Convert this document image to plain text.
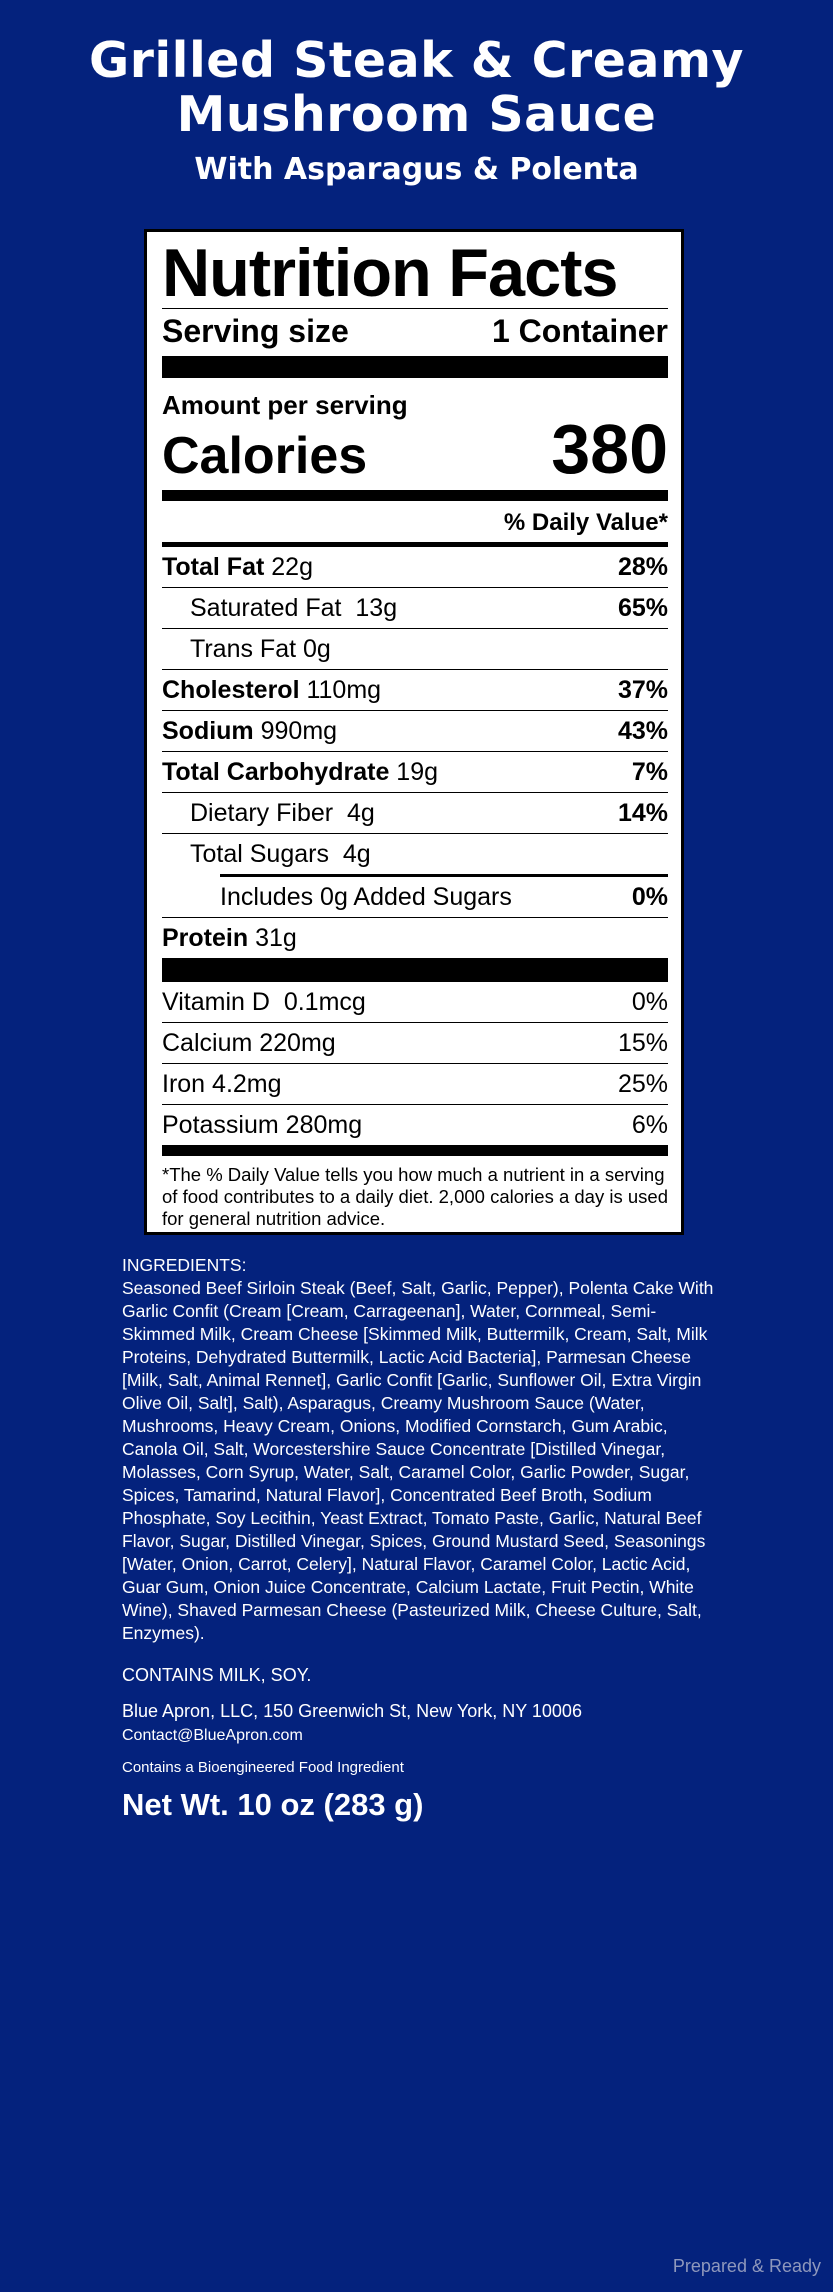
Grilled Steak & Creamy
Mushroom Sauce
With Asparagus & Polenta
Nutrition Facts
Serving size	1 Container
Amount per serving
Calories	380
% Daily Value*
Total Fat 22g	28%
Saturated Fat 13g	65%
Trans Fat 0g
Cholesterol 110mg	37%
Sodium 990mg	43%
Total Carbohydrate 19g	7%
Dietary Fiber 4g	14%
Total Sugars 4g
Includes 0g Added Sugars	0%
Protein 31g
Vitamin D 0.1mcg	0%
Calcium 220mg	15%
Iron 4.2mg	25%
Potassium 280mg	6%
*The % Daily Value tells you how much a nutrient in a serving of food contributes to a daily diet. 2,000 calories a day is used for general nutrition advice.
INGREDIENTS:
Seasoned Beef Sirloin Steak (Beef, Salt, Garlic, Pepper), Polenta Cake With Garlic Confit (Cream [Cream, Carrageenan], Water, Cornmeal, Semi-Skimmed Milk, Cream Cheese [Skimmed Milk, Buttermilk, Cream, Salt, Milk Proteins, Dehydrated Buttermilk, Lactic Acid Bacteria], Parmesan Cheese [Milk, Salt, Animal Rennet], Garlic Confit [Garlic, Sunflower Oil, Extra Virgin Olive Oil, Salt], Salt), Asparagus, Creamy Mushroom Sauce (Water, Mushrooms, Heavy Cream, Onions, Modified Cornstarch, Gum Arabic, Canola Oil, Salt, Worcestershire Sauce Concentrate [Distilled Vinegar, Molasses, Corn Syrup, Water, Salt, Caramel Color, Garlic Powder, Sugar, Spices, Tamarind, Natural Flavor], Concentrated Beef Broth, Sodium Phosphate, Soy Lecithin, Yeast Extract, Tomato Paste, Garlic, Natural Beef Flavor, Sugar, Distilled Vinegar, Spices, Ground Mustard Seed, Seasonings [Water, Onion, Carrot, Celery], Natural Flavor, Caramel Color, Lactic Acid, Guar Gum, Onion Juice Concentrate, Calcium Lactate, Fruit Pectin, White Wine), Shaved Parmesan Cheese (Pasteurized Milk, Cheese Culture, Salt, Enzymes).
CONTAINS MILK, SOY.
Blue Apron, LLC, 150 Greenwich St, New York, NY 10006
Contact@BlueApron.com
Contains a Bioengineered Food Ingredient
Net Wt. 10 oz (283 g)
Prepared & Ready
